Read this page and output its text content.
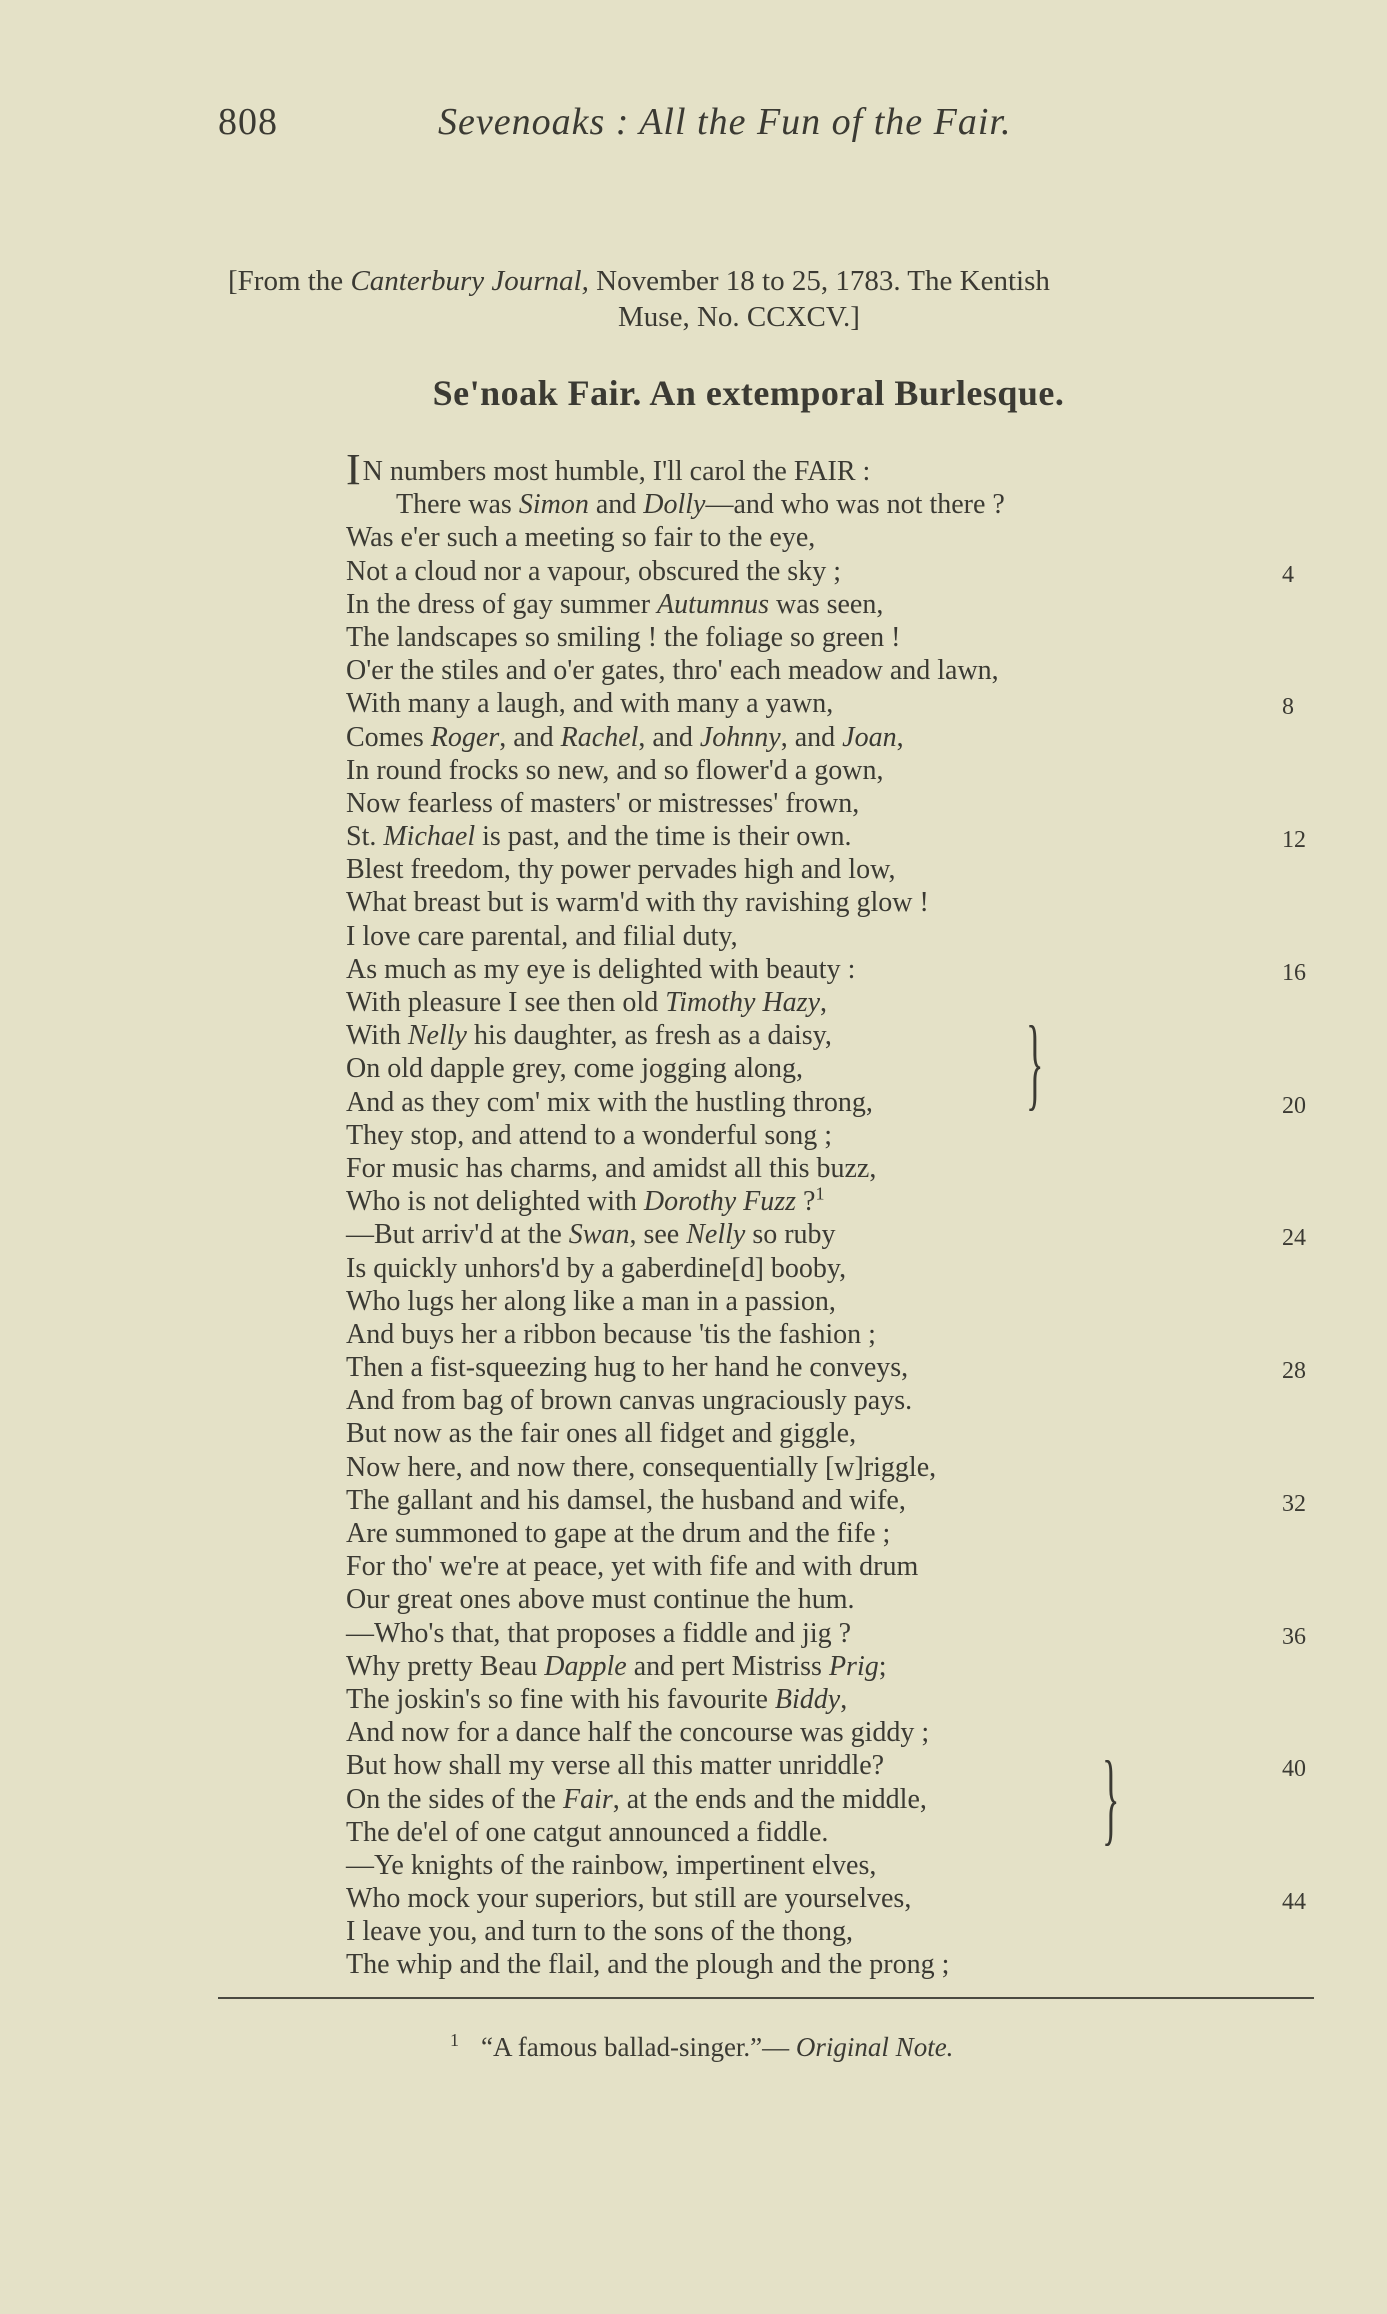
808	Sevenoaks : All the Fun of the Fair.
[From the Canterbury Journal, November 18 to 25, 1783. The Kentish
Muse, No. CCXCV.]
Se'noak Fair. An extemporal Burlesque.
IN numbers most humble, I'll carol the FAIR :
There was Simon and Dolly—and who was not there ?
Was e'er such a meeting so fair to the eye,
Not a cloud nor a vapour, obscured the sky ;	4
In the dress of gay summer Autumnus was seen,
The landscapes so smiling ! the foliage so green !
O'er the stiles and o'er gates, thro' each meadow and lawn,
With many a laugh, and with many a yawn,	8
Comes Roger, and Rachel, and Johnny, and Joan,
In round frocks so new, and so flower'd a gown,
Now fearless of masters' or mistresses' frown,
St. Michael is past, and the time is their own.	12
Blest freedom, thy power pervades high and low,
What breast but is warm'd with thy ravishing glow !
I love care parental, and filial duty,
As much as my eye is delighted with beauty :	16
With pleasure I see then old Timothy Hazy,
With Nelly his daughter, as fresh as a daisy,
On old dapple grey, come jogging along,
And as they com' mix with the hustling throng,	20
They stop, and attend to a wonderful song ;
For music has charms, and amidst all this buzz,
Who is not delighted with Dorothy Fuzz ?$^1$
—But arriv'd at the Swan, see Nelly so ruby	24
Is quickly unhors'd by a gaberdine[d] booby,
Who lugs her along like a man in a passion,
And buys her a ribbon because 'tis the fashion ;
Then a fist-squeezing hug to her hand he conveys,	28
And from bag of brown canvas ungraciously pays.
But now as the fair ones all fidget and giggle,
Now here, and now there, consequentially [w]riggle,
The gallant and his damsel, the husband and wife,	32
Are summoned to gape at the drum and the fife ;
For tho' we're at peace, yet with fife and with drum
Our great ones above must continue the hum.
—Who's that, that proposes a fiddle and jig ?	36
Why pretty Beau Dapple and pert Mistriss Prig;
The joskin's so fine with his favourite Biddy,
And now for a dance half the concourse was giddy ;
But how shall my verse all this matter unriddle?	40
On the sides of the Fair, at the ends and the middle,
The de'el of one catgut announced a fiddle.
—Ye knights of the rainbow, impertinent elves,
Who mock your superiors, but still are yourselves,	44
I leave you, and turn to the sons of the thong,
The whip and the flail, and the plough and the prong ;
}
}
$^1$ “A famous ballad-singer.”— Original Note.
